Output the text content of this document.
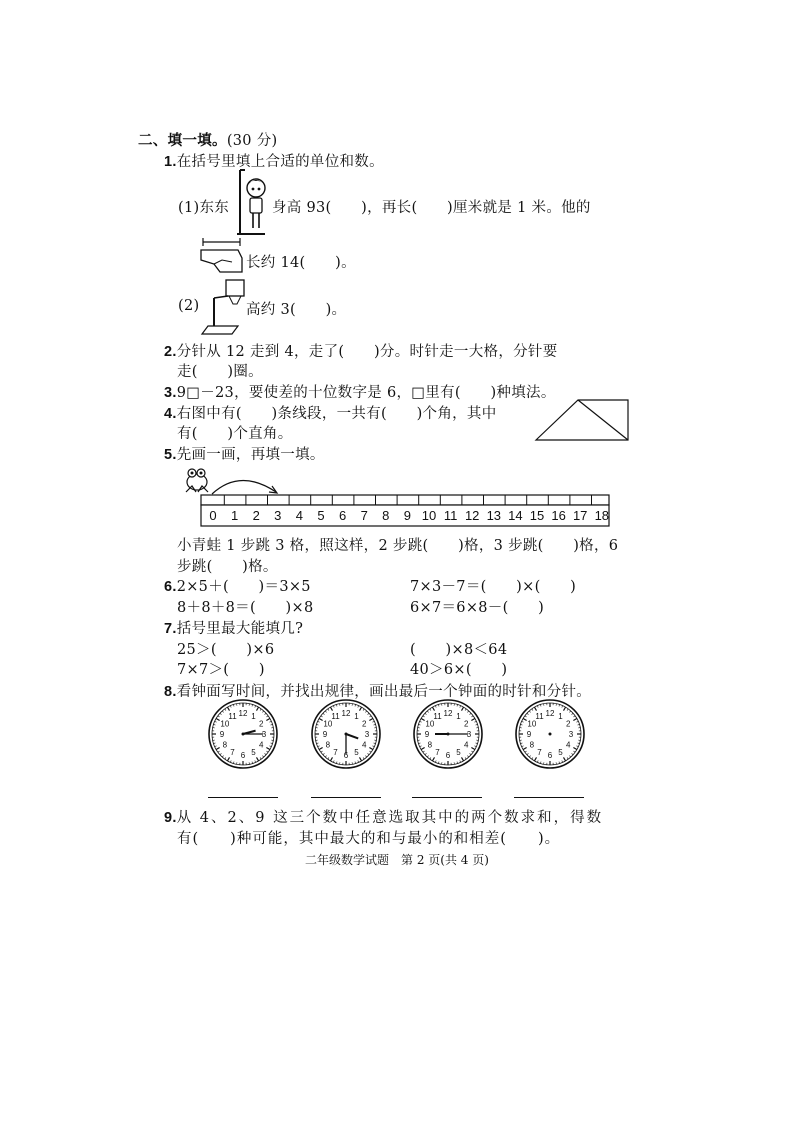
二、填一填。(30 分)
1.在括号里填上合适的单位和数。
(1)东东	身高 93(　　)，再长(　　)厘米就是 1 米。他的
长约 14(　　)。
(2)	高约 3(　　)。
2.分针从 12 走到 4，走了(　　)分。时针走一大格，分针要
走(　　)圈。
3.9□－23，要使差的十位数字是 6，□里有(　　)种填法。
4.右图中有(　　)条线段，一共有(　　)个角，其中
有(　　)个直角。
5.先画一画，再填一填。
0	1	2	3	4	5	6	7	8	9 10 11 12 13 14 15 16 17 18
小青蛙 1 步跳 3 格，照这样，2 步跳(　　)格，3 步跳(　　)格，6
步跳(　　)格。
6.2×5＋(　　)＝3×5	7×3－7＝(　　)×(　　)
8＋8＋8＝(　　)×8	6×7＝6×8－(　　)
7.括号里最大能填几?
25＞(　　)×6	(　　)×8＜64
7×7＞(　　)	40＞6×(　　)
8.看钟面写时间，并找出规律，画出最后一个钟面的时针和分针。
12 1
2
3
4
5
6
7
8
9
10
11	12 1
2
3
4
5
6
7
8
9
10
11	12 1
2
3
4
5
6
7
8
9
10
11	12 1
2
3
4
5
6
7
8
9
10
11
9.从 4、2、9 这三个数中任意选取其中的两个数求和，得数
有(　　)种可能，其中最大的和与最小的和相差(　　)。
二年级数学试题　第 2 页(共 4 页)
